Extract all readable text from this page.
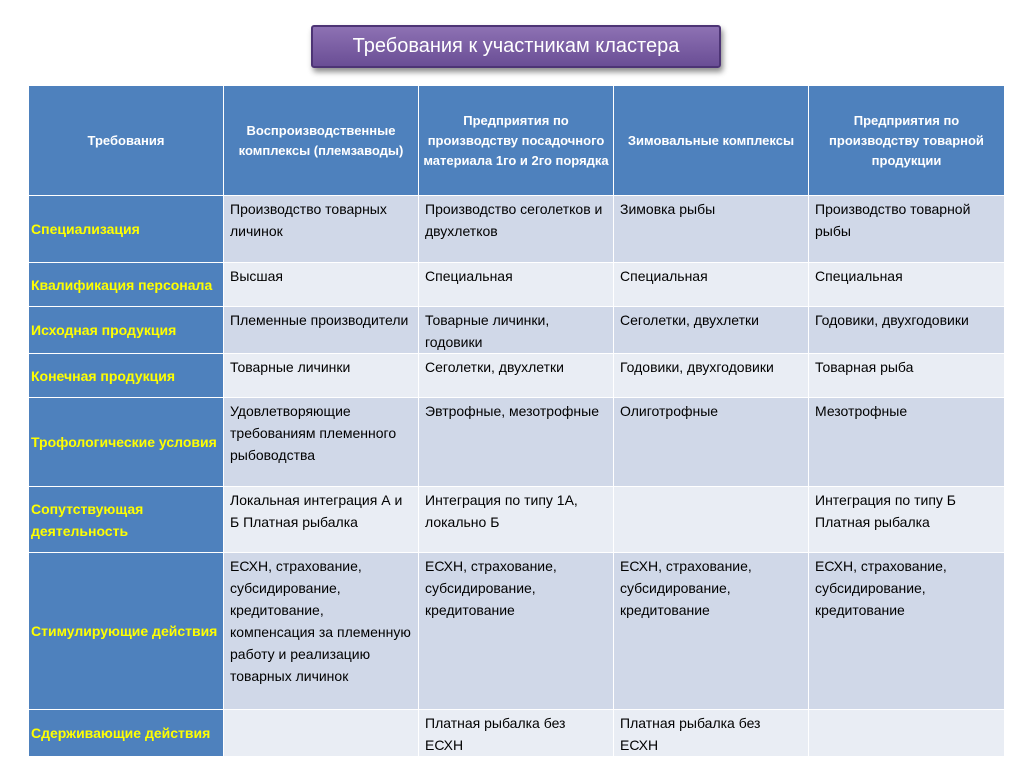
Требования к участникам кластера
Требования	Воспроизводственные комплексы (племзаводы)	Предприятия по производству посадочного материала 1го и 2го порядка	Зимовальные комплексы	Предприятия по производству товарной продукции
Специализация	Производство товарных личинок	Производство сеголетков и двухлетков	Зимовка рыбы	Производство товарной рыбы
Квалификация персонала	Высшая	Специальная	Специальная	Специальная
Исходная продукция	Племенные производители	Товарные личинки, годовики	Сеголетки, двухлетки	Годовики, двухгодовики
Конечная продукция	Товарные личинки	Сеголетки, двухлетки	Годовики, двухгодовики	Товарная рыба
Трофологические условия	Удовлетворяющие требованиям племенного рыбоводства	Эвтрофные, мезотрофные	Олиготрофные	Мезотрофные
Сопутствующая деятельность	Локальная интеграция А и Б Платная рыбалка	Интеграция по типу 1А, локально Б		Интеграция по типу Б Платная рыбалка
Стимулирующие действия	ЕСХН, страхование, субсидирование, кредитование, компенсация за племенную работу и реализацию товарных личинок	ЕСХН, страхование, субсидирование, кредитование	ЕСХН, страхование, субсидирование, кредитование	ЕСХН, страхование, субсидирование, кредитование
Сдерживающие действия		Платная рыбалка без ЕСХН	Платная рыбалка без ЕСХН	
